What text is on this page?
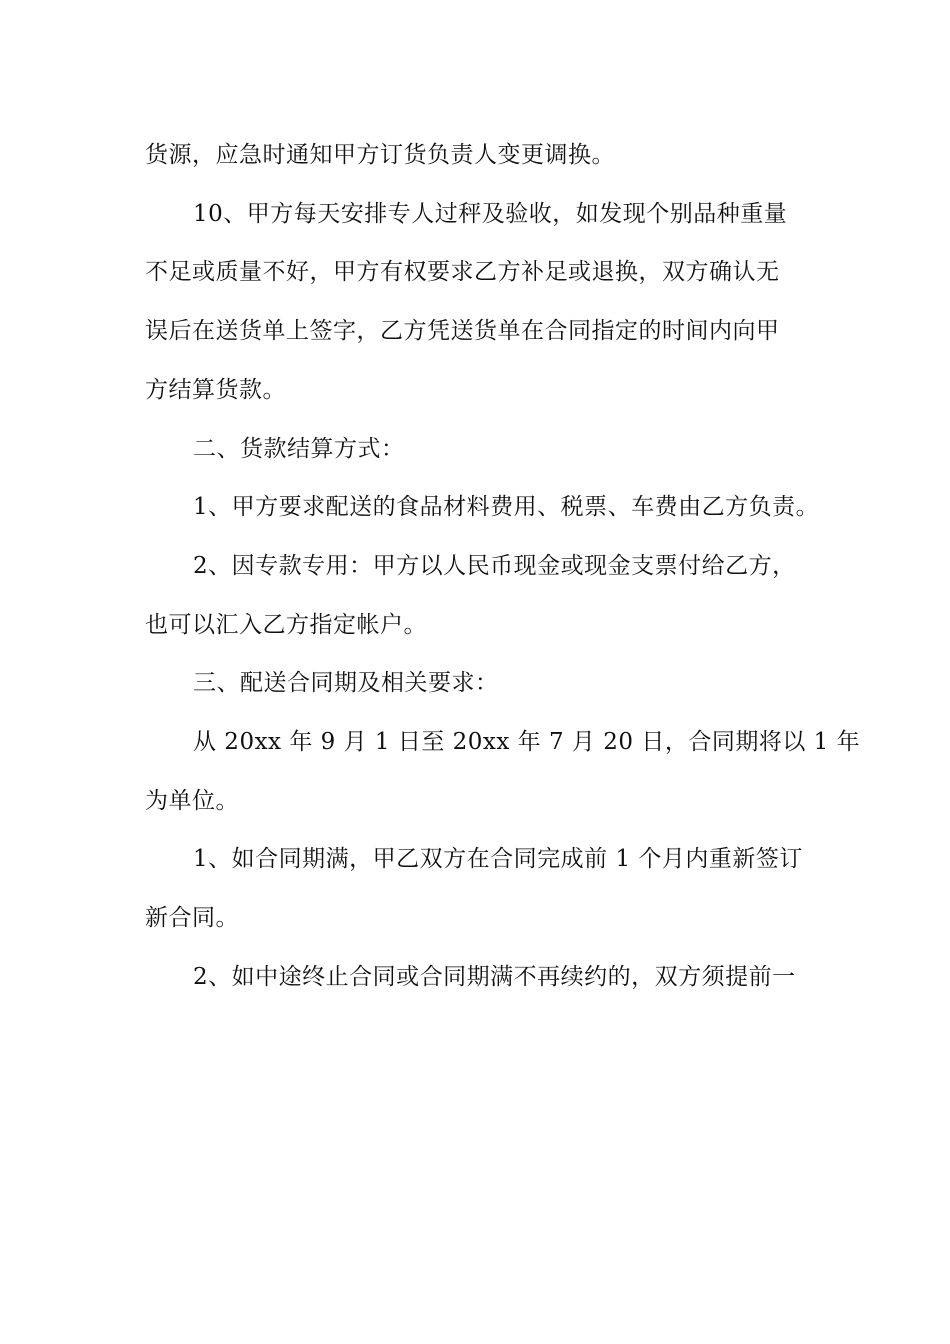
货源，应急时通知甲方订货负责人变更调换。
10、甲方每天安排专人过秤及验收，如发现个别品种重量
不足或质量不好，甲方有权要求乙方补足或退换，双方确认无
误后在送货单上签字，乙方凭送货单在合同指定的时间内向甲
方结算货款。
二、货款结算方式：
1、甲方要求配送的食品材料费用、税票、车费由乙方负责。
2、因专款专用：甲方以人民币现金或现金支票付给乙方，
也可以汇入乙方指定帐户。
三、配送合同期及相关要求：
从 20xx 年 9 月 1 日至 20xx 年 7 月 20 日，合同期将以 1 年
为单位。
1、如合同期满，甲乙双方在合同完成前 1 个月内重新签订
新合同。
2、如中途终止合同或合同期满不再续约的，双方须提前一
